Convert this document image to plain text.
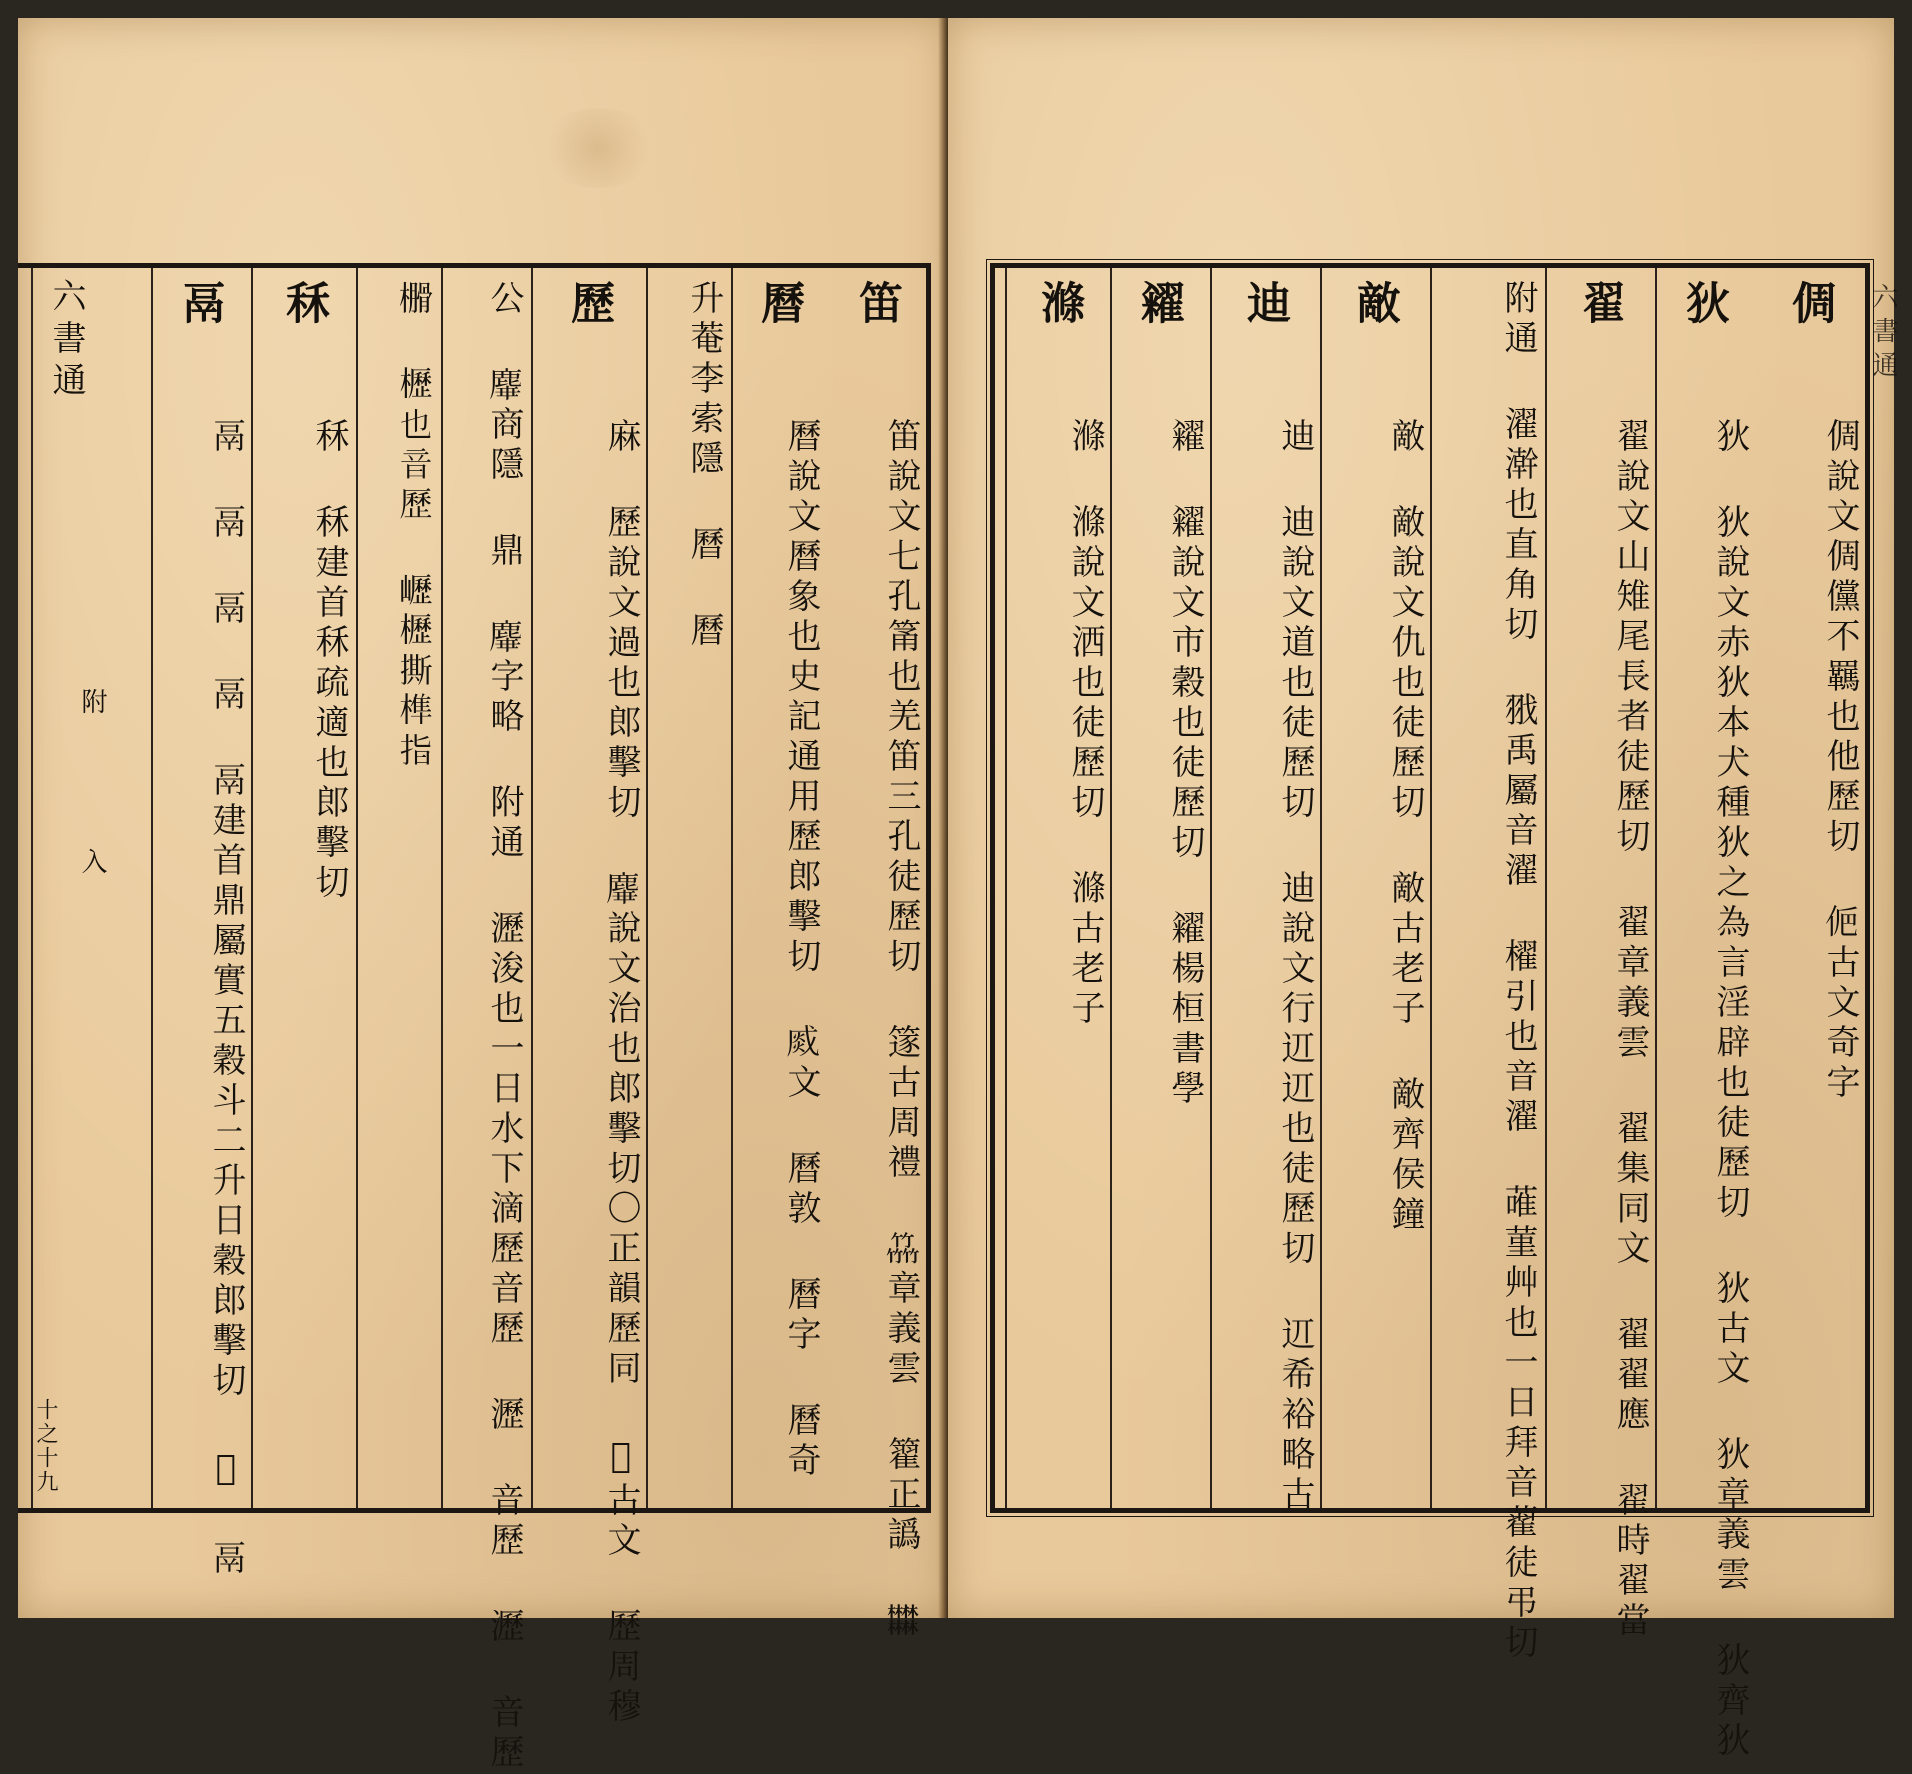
笛
笛說文七孔筩也羌笛三孔徒歷切 篴古周禮 𥴒章義雲 籊正譌 𣡽
曆
曆說文曆象也史記通用歷郎擊切 𤋆文 曆敦 曆字 曆奇
升菴李索隱 曆 曆
歷
麻 歷說文過也郎擊切 𪊩說文治也郎擊切〇正韻歷同 𧁨古文 歷周穆
公 𪊩商隱 鼎 𪊩字略 附通 瀝浚也一日水下滴歷音歷 瀝 音歷 瀝 音歷
𣝗 櫪也音歷 㠣櫪撕榫指
秝
秝 秝建首秝疏適也郎擊切
鬲
鬲 鬲 鬲 鬲 鬲建首鼎屬實五穀斗二升日穀郎擊切 𩰮 鬲
六書通
附
入
十之十九
倜
倜說文倜儻不羈也他歷切 𠈊古文奇字
狄
狄 狄說文赤狄本犬種狄之為言淫辟也徒歷切 狄古文 狄章義雲 狄齊狄
翟
翟說文山雉尾長者徒歷切 翟章義雲 翟集同文 翟翟應 翟時翟當
附通 濯澣也直角切 𦐂禹屬音濯 櫂引也音濯 蓶菫艸也一日拜音藋徒弔切
敵
敵 敵說文仇也徒歷切 敵古老子 敵齊侯鐘
迪
迪 迪說文道也徒歷切 迪說文行䢋䢋也徒歷切 䢋希裕略古
糴
糴 糴說文市穀也徒歷切 糴楊桓書學
滌
滌 滌說文洒也徒歷切 滌古老子
六書通
